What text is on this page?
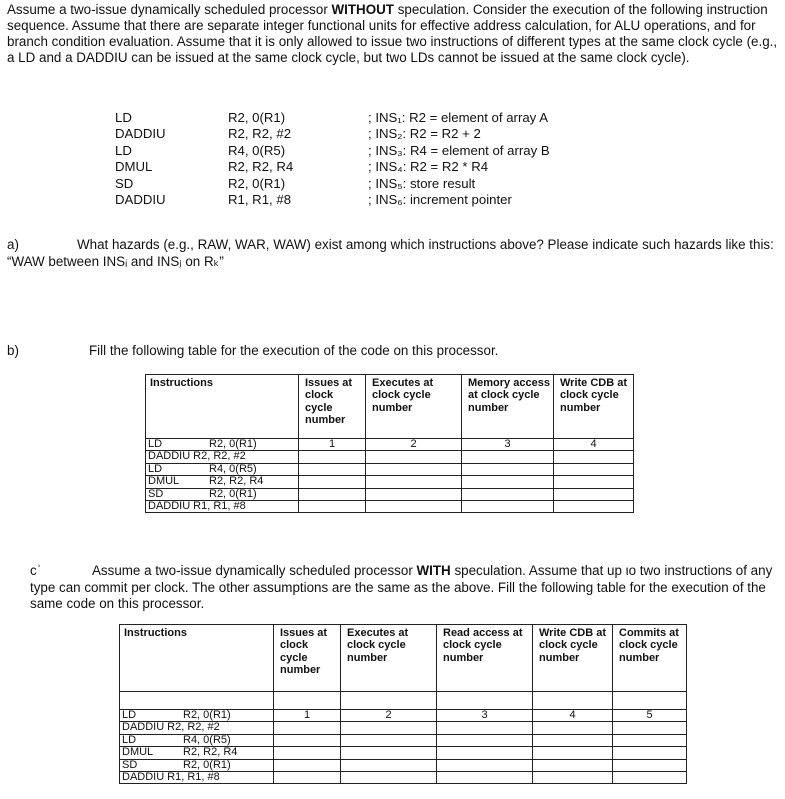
Assume a two-issue dynamically scheduled processor WITHOUT speculation. Consider the execution of the following instruction sequence. Assume that there are separate integer functional units for effective address calculation, for ALU operations, and for branch condition evaluation. Assume that it is only allowed to issue two instructions of different types at the same clock cycle (e.g., a LD and a DADDIU can be issued at the same clock cycle, but two LDs cannot be issued at the same clock cycle).

LD	R2, 0(R1)	; INS₁: R2 = element of array A
DADDIU	R2, R2, #2	; INS₂: R2 = R2 + 2
LD	R4, 0(R5)	; INS₃: R4 = element of array B
DMUL	R2, R2, R4	; INS₄: R2 = R2 * R4
SD	R2, 0(R1)	; INS₅: store result
DADDIU	R1, R1, #8	; INS₆: increment pointer
a)	What hazards (e.g., RAW, WAR, WAW) exist among which instructions above? Please indicate such hazards like this: “WAW between INSᵢ and INSⱼ on Rₖ”
b)	Fill the following table for the execution of the code on this processor.
Instructions	Issues at clock cycle number	Executes at clock cycle number	Memory access at clock cycle number	Write CDB at clock cycle number
LD R2, 0(R1)	1	2	3	4
DADDIU R2, R2, #2				
LD R4, 0(R5)				
DMUL R2, R2, R4				
SD R2, 0(R1)				
DADDIU R1, R1, #8				
cʾ	Assume a two-issue dynamically scheduled processor WITH speculation. Assume that up ιo two instructions of any type can commit per clock. The other assumptions are the same as the above. Fill the following table for the execution of the same code on this processor.
Instructions	Issues at clock cycle number	Executes at clock cycle number	Read access at clock cycle number	Write CDB at clock cycle number	Commits at clock cycle number

LD R2, 0(R1)	1	2	3	4	5
DADDIU R2, R2, #2					
LD R4, 0(R5)					
DMUL R2, R2, R4					
SD R2, 0(R1)					
DADDIU R1, R1, #8					
